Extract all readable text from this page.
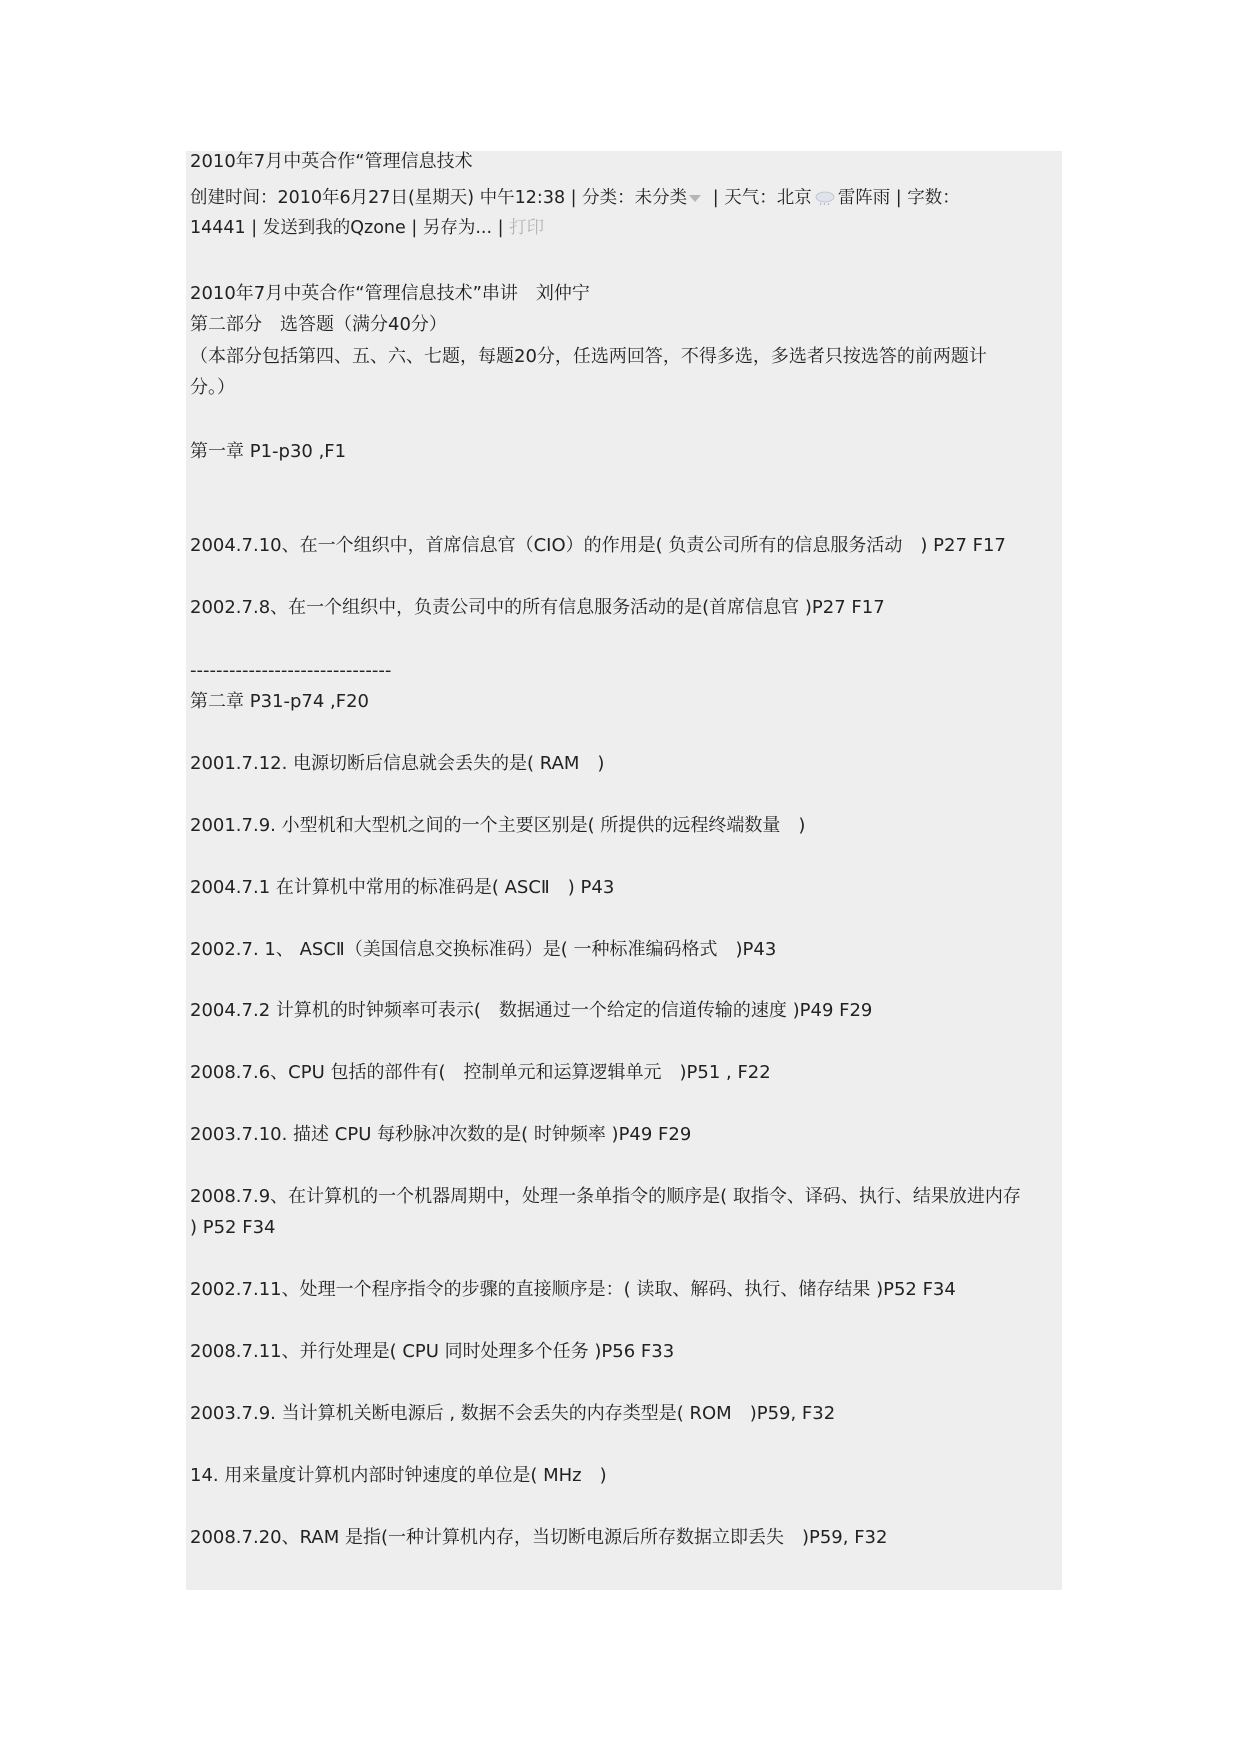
2010年7月中英合作“管理信息技术
创建时间：2010年6月27日(星期天) 中午12:38 | 分类：未分类 | 天气：北京 雷阵雨 | 字数：
14441 | 发送到我的Qzone | 另存为... | 打印
2010年7月中英合作“管理信息技术”串讲　刘仲宁
第二部分　选答题（满分40分）
（本部分包括第四、五、六、七题，每题20分，任选两回答，不得多选，多选者只按选答的前两题计
分。）
第一章 P1-p30 ,F1
2004.7.10、在一个组织中，首席信息官（CIO）的作用是( 负责公司所有的信息服务活动　) P27 F17
2002.7.8、在一个组织中，负责公司中的所有信息服务活动的是(首席信息官 )P27 F17
-------------------------------
第二章 P31-p74 ,F20
2001.7.12. 电源切断后信息就会丢失的是( RAM　)
2001.7.9. 小型机和大型机之间的一个主要区别是( 所提供的远程终端数量　)
2004.7.1 在计算机中常用的标准码是( ASCⅡ　) P43
2002.7. 1、 ASCⅡ（美国信息交换标准码）是( 一种标准编码格式　)P43
2004.7.2 计算机的时钟频率可表示(　数据通过一个给定的信道传输的速度 )P49 F29
2008.7.6、CPU 包括的部件有(　控制单元和运算逻辑单元　)P51 , F22
2003.7.10. 描述 CPU 每秒脉冲次数的是( 时钟频率 )P49 F29
2008.7.9、在计算机的一个机器周期中，处理一条单指令的顺序是( 取指令、译码、执行、结果放进内存
) P52 F34
2002.7.11、处理一个程序指令的步骤的直接顺序是：( 读取、解码、执行、储存结果 )P52 F34
2008.7.11、并行处理是( CPU 同时处理多个任务 )P56 F33
2003.7.9. 当计算机关断电源后 , 数据不会丢失的内存类型是( ROM　)P59, F32
14. 用来量度计算机内部时钟速度的单位是( MHz　)
2008.7.20、RAM 是指(一种计算机内存，当切断电源后所存数据立即丢失　)P59, F32
